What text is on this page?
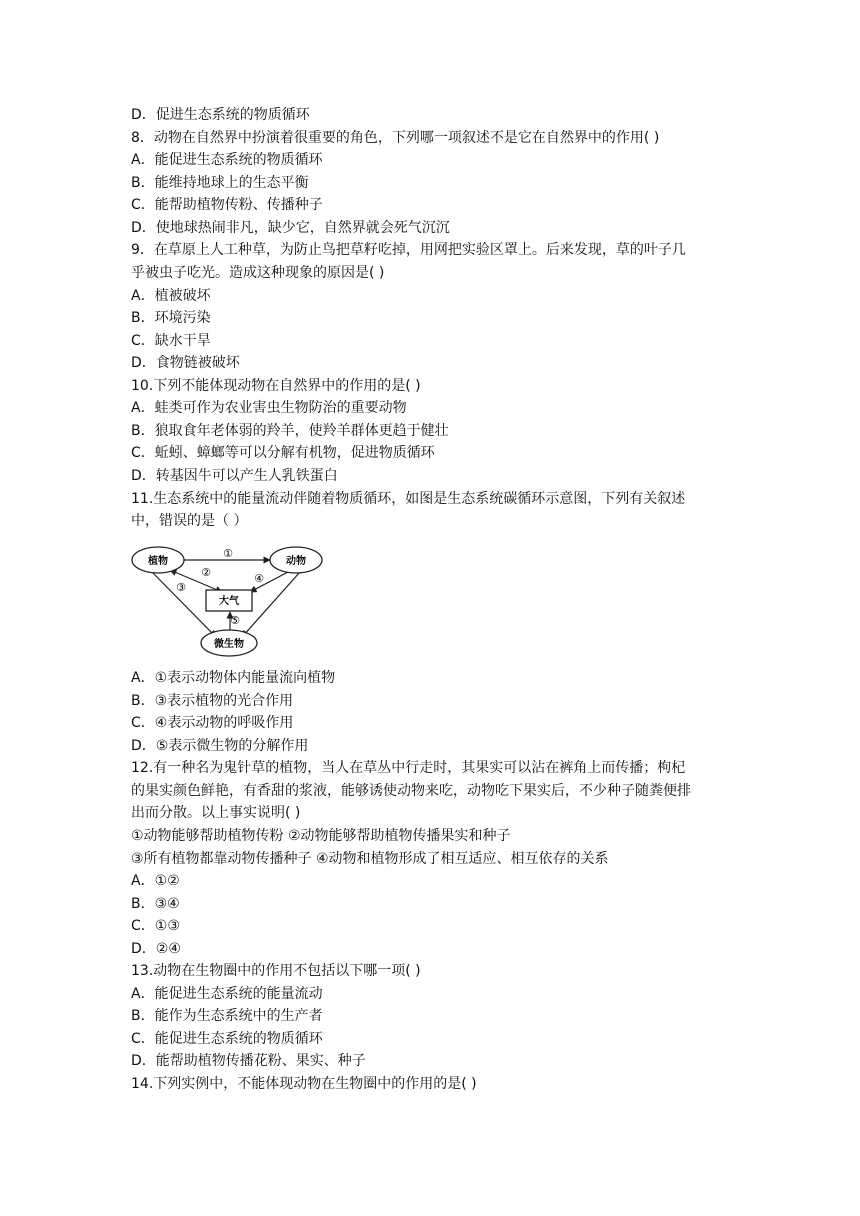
D．促进生态系统的物质循环
8．动物在自然界中扮演着很重要的角色，下列哪一项叙述不是它在自然界中的作用( )
A．能促进生态系统的物质循环
B．能维持地球上的生态平衡
C．能帮助植物传粉、传播种子
D．使地球热闹非凡，缺少它，自然界就会死气沉沉
9．在草原上人工种草，为防止鸟把草籽吃掉，用网把实验区罩上。后来发现，草的叶子几
乎被虫子吃光。造成这种现象的原因是( )
A．植被破坏
B．环境污染
C．缺水干旱
D．食物链被破坏
10.下列不能体现动物在自然界中的作用的是( )
A．蛙类可作为农业害虫生物防治的重要动物
B．狼取食年老体弱的羚羊，使羚羊群体更趋于健壮
C．蚯蚓、蟑螂等可以分解有机物，促进物质循环
D．转基因牛可以产生人乳铁蛋白
11.生态系统中的能量流动伴随着物质循环，如图是生态系统碳循环示意图，下列有关叙述
中，错误的是（ ）
植物	动物
大气
微生物
①
②
③
④
⑤
A．①表示动物体内能量流向植物
B．③表示植物的光合作用
C．④表示动物的呼吸作用
D．⑤表示微生物的分解作用
12.有一种名为鬼针草的植物，当人在草丛中行走时，其果实可以沾在裤角上而传播；枸杞
的果实颜色鲜艳，有香甜的浆液，能够诱使动物来吃，动物吃下果实后，不少种子随粪便排
出而分散。以上事实说明( )
①动物能够帮助植物传粉 ②动物能够帮助植物传播果实和种子
③所有植物都靠动物传播种子 ④动物和植物形成了相互适应、相互依存的关系
A．①②
B．③④
C．①③
D．②④
13.动物在生物圈中的作用不包括以下哪一项( )
A．能促进生态系统的能量流动
B．能作为生态系统中的生产者
C．能促进生态系统的物质循环
D．能帮助植物传播花粉、果实、种子
14.下列实例中，不能体现动物在生物圈中的作用的是( )
